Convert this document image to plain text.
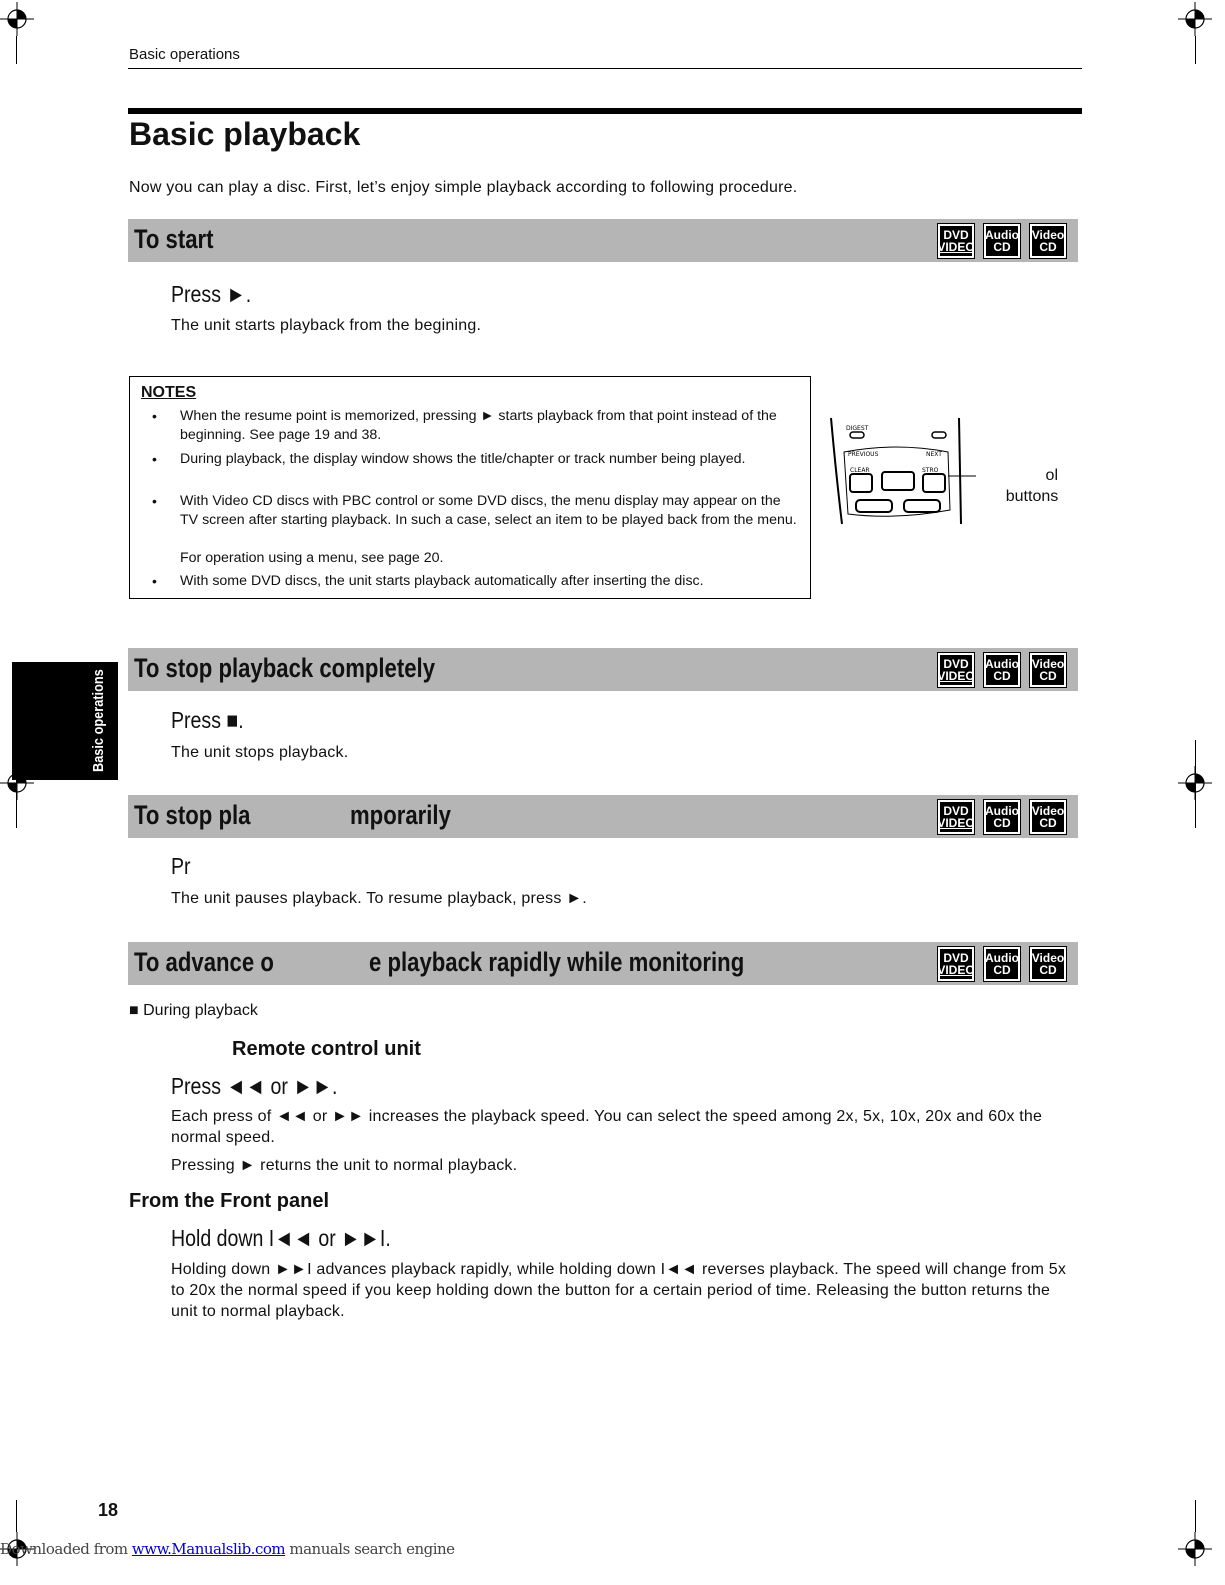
Basic operations
Basic playback
Now you can play a disc. First, let’s enjoy simple playback according to following procedure.
Basic operations
To start	DVD
VIDEO
Audio
CD
Video
CD
Press ►.
The unit starts playback from the begining.
NOTES
• When the resume point is memorized, pressing ► starts playback from that point instead of the beginning. See page 19 and 38.
• During playback, the display window shows the title/chapter or track number being played.
• With Video CD discs with PBC control or some DVD discs, the menu display may appear on the TV screen after starting playback. In such a case, select an item to be played back from the menu.
For operation using a menu, see page 20.
• With some DVD discs, the unit starts playback automatically after inserting the disc.
DIGEST
PREVIOUS	NEXT
CLEAR	STRO	ol
buttons
To stop playback completely	DVD
VIDEO
Audio
CD
Video
CD
Press ■.
The unit stops playback.
To stop pla	mporarily	DVD
VIDEO
Audio
CD
Video
CD
Pr
The unit pauses playback. To resume playback, press ►.
To advance o	e playback rapidly while monitoring	DVD
VIDEO
Audio
CD
Video
CD
■ During playback
Remote control unit
Press ◄◄ or ►►.
Each press of ◄◄ or ►► increases the playback speed. You can select the speed among 2x, 5x, 10x, 20x and 60x the normal speed.
Pressing ► returns the unit to normal playback.
From the Front panel
Hold down I◄◄ or ►►I.
Holding down ►►I advances playback rapidly, while holding down I◄◄ reverses playback. The speed will change from 5x to 20x the normal speed if you keep holding down the button for a certain period of time. Releasing the button returns the unit to normal playback.
18
Downloaded from www.Manualslib.com manuals search engine
